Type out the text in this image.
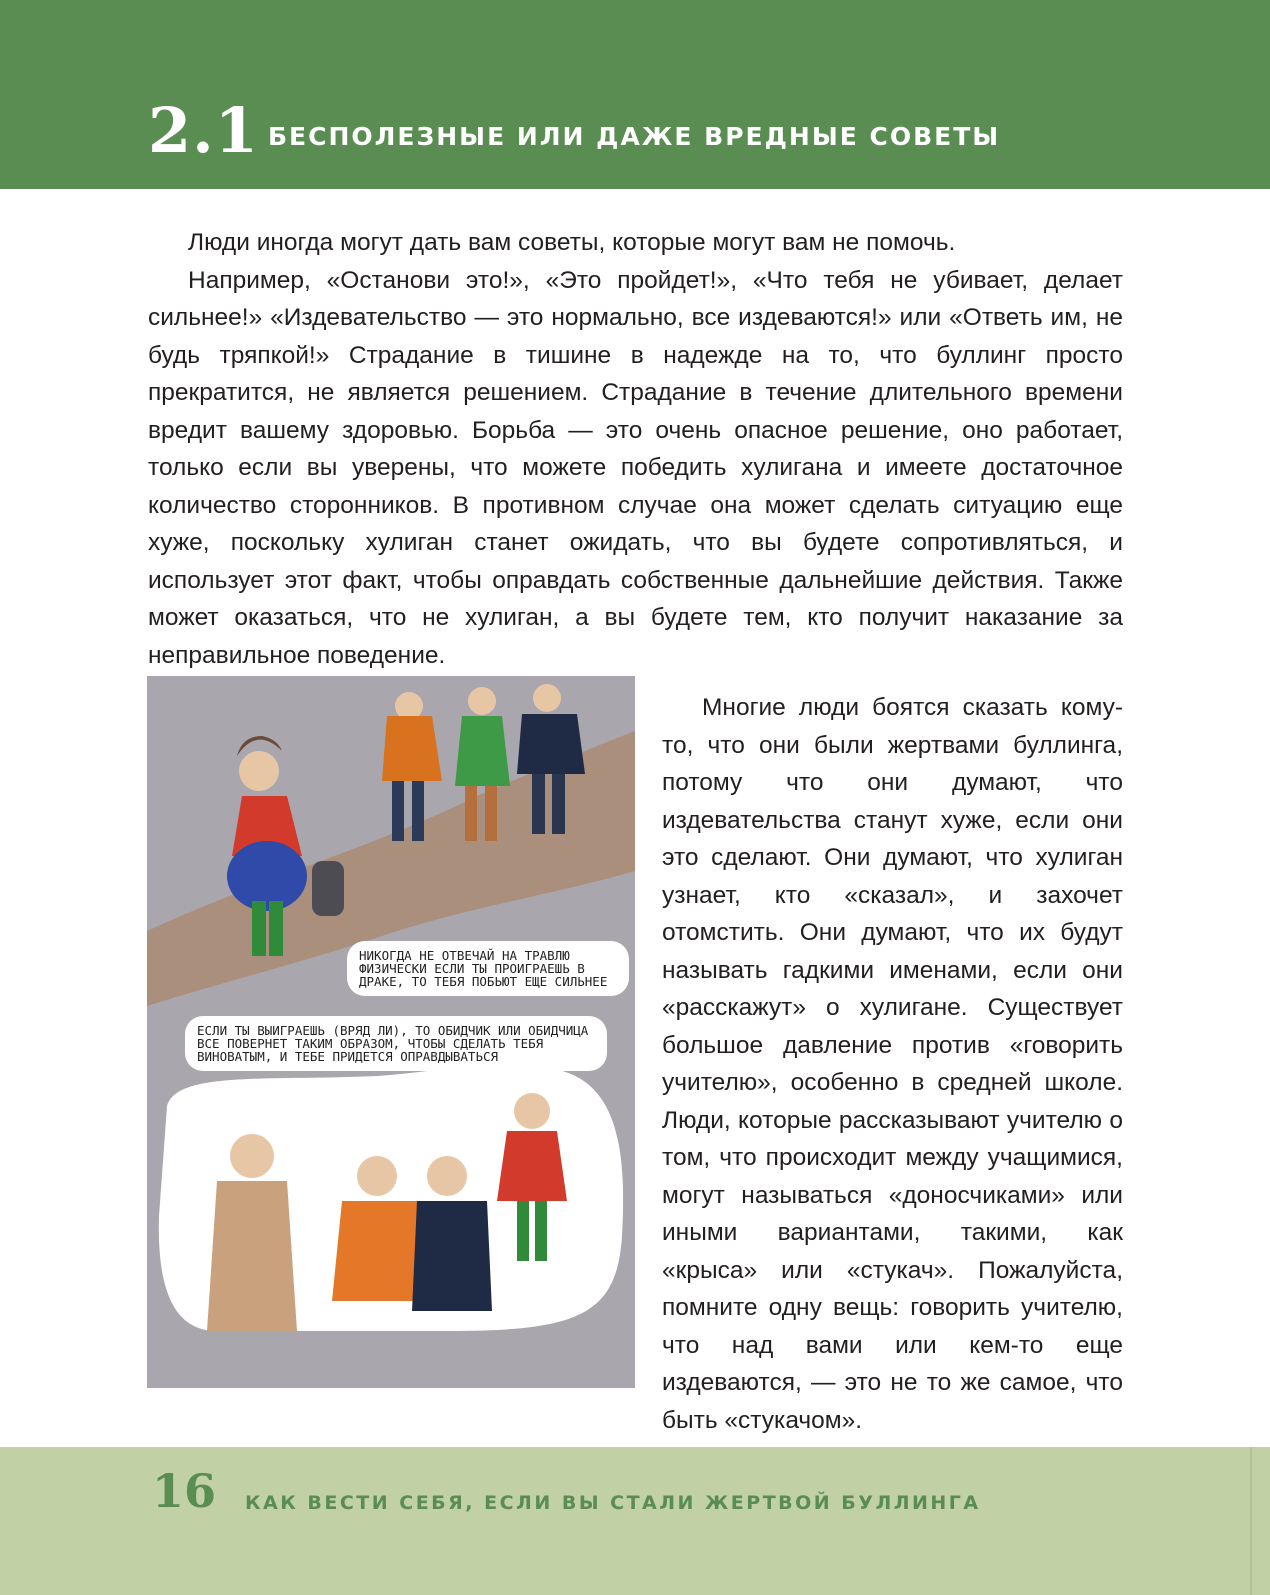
2.1 БЕСПОЛЕЗНЫЕ ИЛИ ДАЖЕ ВРЕДНЫЕ СОВЕТЫ

Люди иногда могут дать вам советы, которые могут вам не помочь.

Например, «Останови это!», «Это пройдет!», «Что тебя не убивает, делает сильнее!» «Издевательство — это нормально, все издеваются!» или «Ответь им, не будь тряпкой!» Страдание в тишине в надежде на то, что буллинг просто прекратится, не является решением. Страдание в течение длительного времени вредит вашему здоровью. Борьба — это очень опасное решение, оно работает, только если вы уверены, что можете победить хулигана и имеете достаточное количество сторонников. В противном случае она может сделать ситуацию еще хуже, поскольку хулиган станет ожидать, что вы будете сопротивляться, и использует этот факт, чтобы оправдать собственные дальнейшие действия. Также может оказаться, что не хулиган, а вы будете тем, кто получит наказание за неправильное поведение.

НИКОГДА НЕ ОТВЕЧАЙ НА ТРАВЛЮ ФИЗИЧЕСКИ ЕСЛИ ТЫ ПРОИГРАЕШЬ В ДРАКЕ, ТО ТЕБЯ ПОБЬЮТ ЕЩЕ СИЛЬНЕЕ

ЕСЛИ ТЫ ВЫИГРАЕШЬ (ВРЯД ЛИ), ТО ОБИДЧИК ИЛИ ОБИДЧИЦА ВСЕ ПОВЕРНЕТ ТАКИМ ОБРАЗОМ, ЧТОБЫ СДЕЛАТЬ ТЕБЯ ВИНОВАТЫМ, И ТЕБЕ ПРИДЕТСЯ ОПРАВДЫВАТЬСЯ

Многие люди боятся сказать кому-то, что они были жертвами буллинга, потому что они думают, что издевательства станут хуже, если они это сделают. Они думают, что хулиган узнает, кто «сказал», и захочет отомстить. Они думают, что их будут называть гадкими именами, если они «расскажут» о хулигане. Существует большое давление против «говорить учителю», особенно в средней школе. Люди, которые рассказывают учителю о том, что происходит между учащимися, могут называться «доносчиками» или иными вариантами, такими, как «крыса» или «стукач». Пожалуйста, помните одну вещь: говорить учителю, что над вами или кем-то еще издеваются, — это не то же самое, что быть «стукачом».

16 КАК ВЕСТИ СЕБЯ, ЕСЛИ ВЫ СТАЛИ ЖЕРТВОЙ БУЛЛИНГА
